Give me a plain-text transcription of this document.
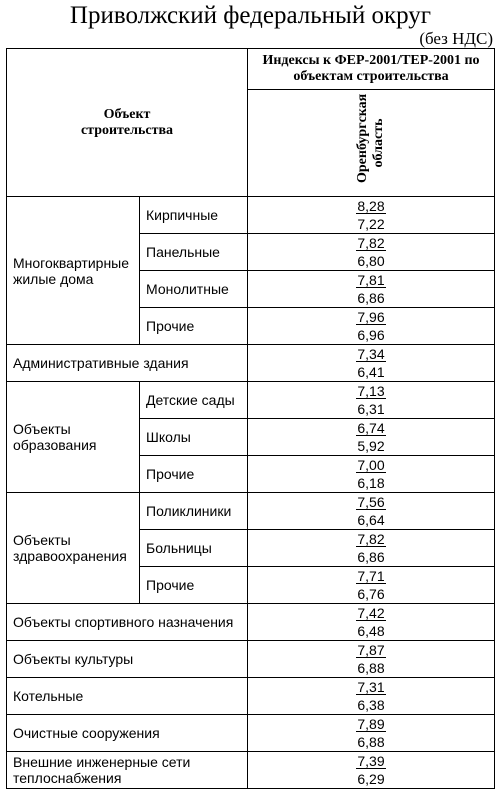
Приволжский федеральный округ
(без НДС)
Объект строительства		Индексы к ФЕР-2001/ТЕР-2001 по объектам строительства
		Оренбургская область
Многоквартирные жилые дома	Кирпичные	8,28
		7,22
	Панельные	7,82
		6,80
	Монолитные	7,81
		6,86
	Прочие	7,96
		6,96
Административные здания		7,34
		6,41
Объекты образования	Детские сады	7,13
		6,31
	Школы	6,74
		5,92
	Прочие	7,00
		6,18
Объекты здравоохранения	Поликлиники	7,56
		6,64
	Больницы	7,82
		6,86
	Прочие	7,71
		6,76
Объекты спортивного назначения		7,42
		6,48
Объекты культуры		7,87
		6,88
Котельные		7,31
		6,38
Очистные сооружения		7,89
		6,88
Внешние инженерные сети теплоснабжения		7,39
		6,29
